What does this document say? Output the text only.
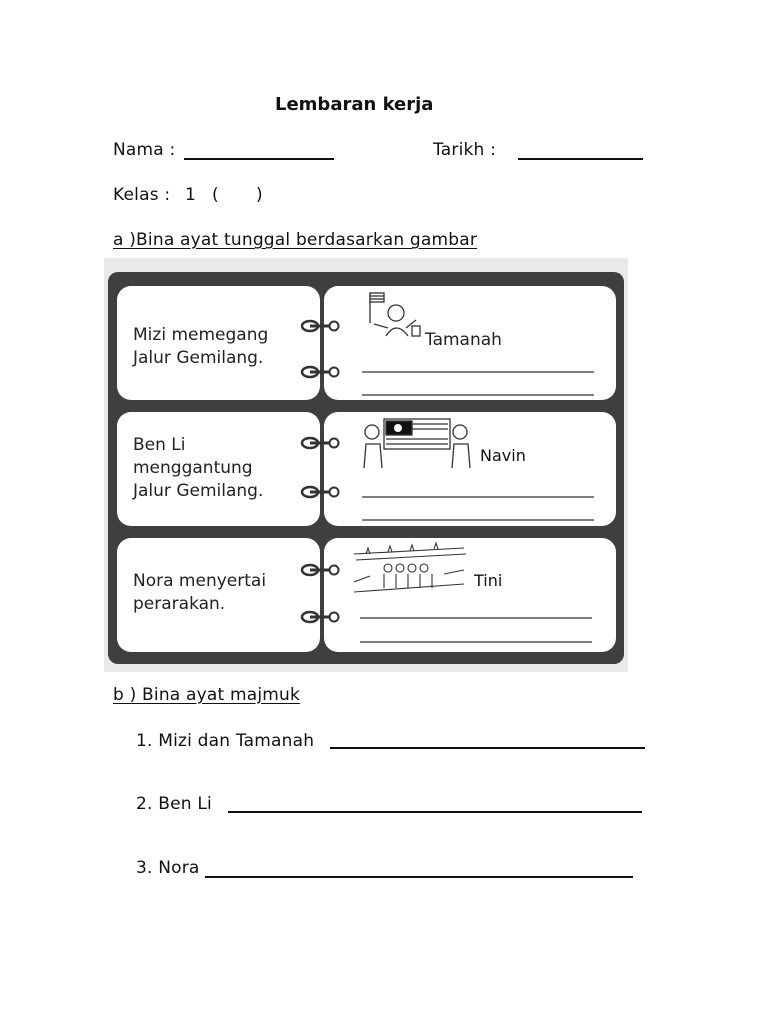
Lembaran kerja
Nama :	Tarikh :
Kelas : 1 ( )
a )Bina ayat tunggal berdasarkan gambar
Mizi memegang
Jalur Gemilang.
Tamanah
Ben Li
menggantung
Jalur Gemilang.
Navin
Nora menyertai
perarakan.
Tini
b ) Bina ayat majmuk
1. Mizi dan Tamanah
2. Ben Li
3. Nora
